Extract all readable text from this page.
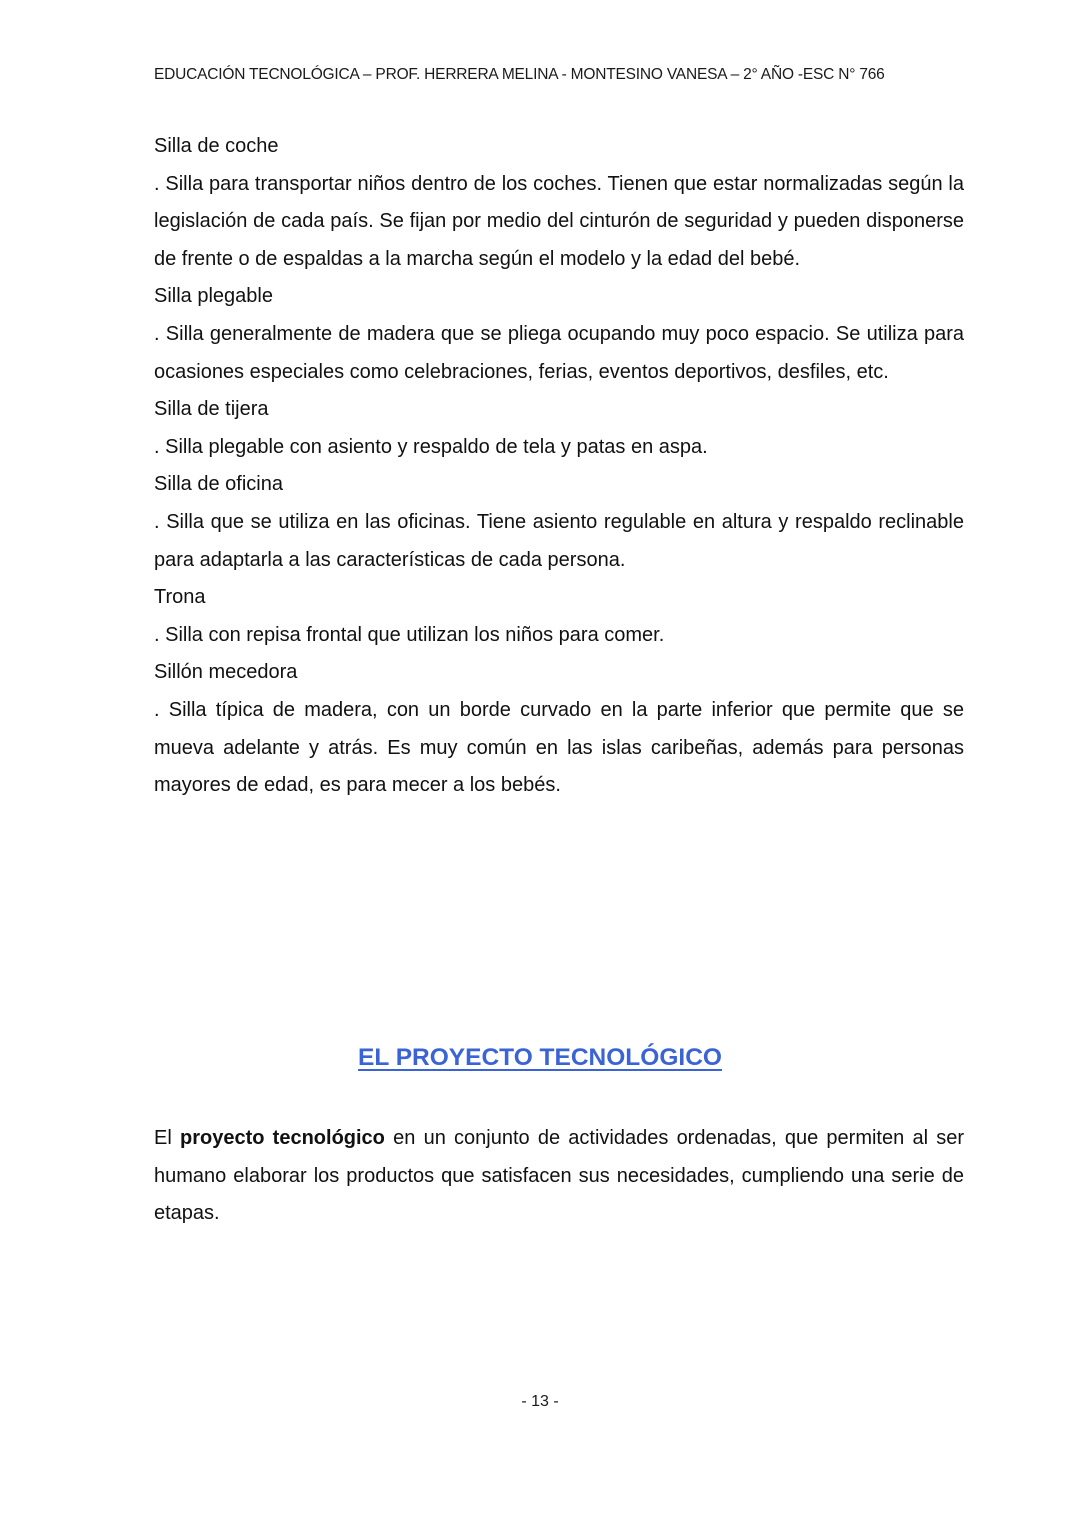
EDUCACIÓN TECNOLÓGICA – PROF. HERRERA MELINA - MONTESINO VANESA – 2° AÑO -ESC N° 766

Silla de coche

. Silla para transportar niños dentro de los coches. Tienen que estar normalizadas según la legislación de cada país. Se fijan por medio del cinturón de seguridad y pueden disponerse de frente o de espaldas a la marcha según el modelo y la edad del bebé.

Silla plegable

. Silla generalmente de madera que se pliega ocupando muy poco espacio. Se utiliza para ocasiones especiales como celebraciones, ferias, eventos deportivos, desfiles, etc.

Silla de tijera

. Silla plegable con asiento y respaldo de tela y patas en aspa.

Silla de oficina

. Silla que se utiliza en las oficinas. Tiene asiento regulable en altura y respaldo reclinable para adaptarla a las características de cada persona.

Trona

. Silla con repisa frontal que utilizan los niños para comer.

Sillón mecedora

. Silla típica de madera, con un borde curvado en la parte inferior que permite que se mueva adelante y atrás. Es muy común en las islas caribeñas, además para personas mayores de edad, es para mecer a los bebés.

EL PROYECTO TECNOLÓGICO

El proyecto tecnológico en un conjunto de actividades ordenadas, que permiten al ser humano elaborar los productos que satisfacen sus necesidades, cumpliendo una serie de etapas.

- 13 -
